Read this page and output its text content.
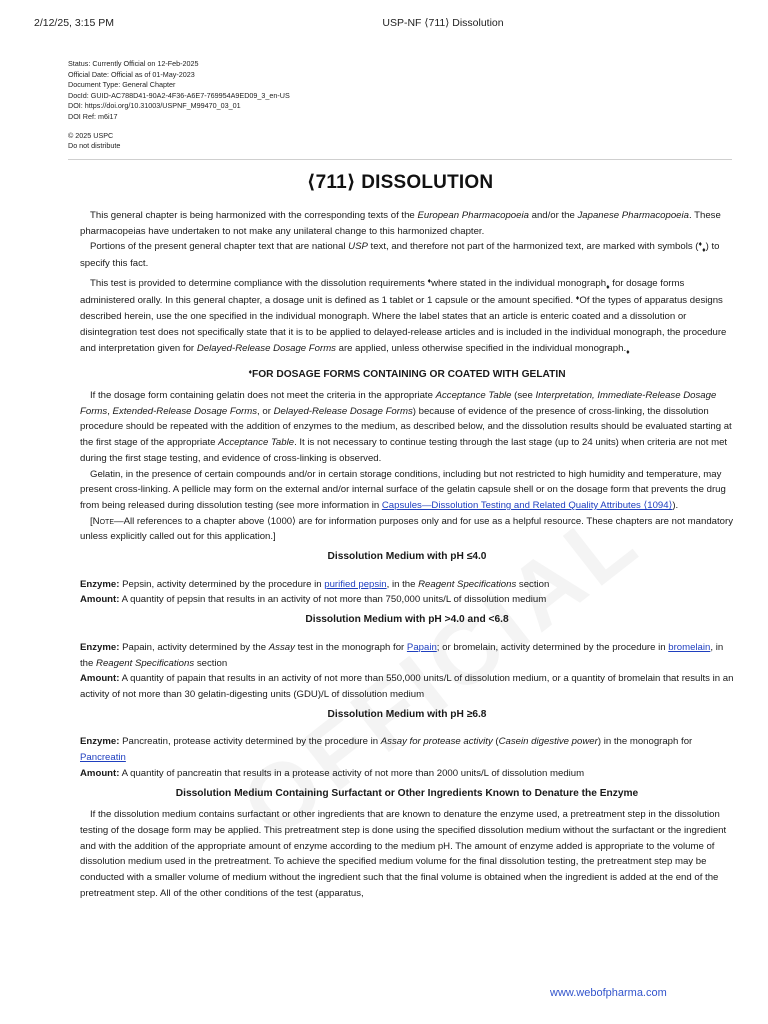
2/12/25, 3:15 PM	USP-NF ⟨711⟩ Dissolution
Status: Currently Official on 12-Feb-2025
Official Date: Official as of 01-May-2023
Document Type: General Chapter
DocId: GUID-AC788D41-90A2-4F36-A6E7-769954A9ED09_3_en-US
DOI: https://doi.org/10.31003/USPNF_M99470_03_01
DOI Ref: m6i17
© 2025 USPC
Do not distribute
⟨711⟩ DISSOLUTION

This general chapter is being harmonized with the corresponding texts of the European Pharmacopoeia and/or the Japanese Pharmacopoeia. These pharmacopeias have undertaken to not make any unilateral change to this harmonized chapter.

Portions of the present general chapter text that are national USP text, and therefore not part of the harmonized text, are marked with symbols $(^♦_♦)$ to specify this fact.

This test is provided to determine compliance with the dissolution requirements ♦where stated in the individual monograph$_♦$ for dosage forms administered orally. In this general chapter, a dosage unit is defined as 1 tablet or 1 capsule or the amount specified. ♦Of the types of apparatus designs described herein, use the one specified in the individual monograph. Where the label states that an article is enteric coated and a dissolution or disintegration test does not specifically state that it is to be applied to delayed-release articles and is included in the individual monograph, the procedure and interpretation given for Delayed-Release Dosage Forms are applied, unless otherwise specified in the individual $monograph._♦$

♦FOR DOSAGE FORMS CONTAINING OR COATED WITH GELATIN

If the dosage form containing gelatin does not meet the criteria in the appropriate Acceptance Table (see Interpretation, Immediate-Release Dosage Forms, Extended-Release Dosage Forms, or Delayed-Release Dosage Forms) because of evidence of the presence of cross-linking, the dissolution procedure should be repeated with the addition of enzymes to the medium, as described below, and the dissolution results should be evaluated starting at the first stage of the appropriate Acceptance Table. It is not necessary to continue testing through the last stage (up to 24 units) when criteria are not met during the first stage testing, and evidence of cross-linking is observed.

Gelatin, in the presence of certain compounds and/or in certain storage conditions, including but not restricted to high humidity and temperature, may present cross-linking. A pellicle may form on the external and/or internal surface of the gelatin capsule shell or on the dosage form that prevents the drug from being released during dissolution testing (see more information in Capsules—Dissolution Testing and Related Quality Attributes ⟨1094⟩).

[Note—All references to a chapter above ⟨1000⟩ are for information purposes only and for use as a helpful resource. These chapters are not mandatory unless explicitly called out for this application.]

Dissolution Medium with pH ≤4.0

Enzyme: Pepsin, activity determined by the procedure in purified pepsin, in the Reagent Specifications section

Amount: A quantity of pepsin that results in an activity of not more than 750,000 units/L of dissolution medium

Dissolution Medium with pH >4.0 and <6.8

Enzyme: Papain, activity determined by the Assay test in the monograph for Papain; or bromelain, activity determined by the procedure in bromelain, in the Reagent Specifications section

Amount: A quantity of papain that results in an activity of not more than 550,000 units/L of dissolution medium, or a quantity of bromelain that results in an activity of not more than 30 gelatin-digesting units (GDU)/L of dissolution medium

Dissolution Medium with pH ≥6.8

Enzyme: Pancreatin, protease activity determined by the procedure in Assay for protease activity (Casein digestive power) in the monograph for Pancreatin

Amount: A quantity of pancreatin that results in a protease activity of not more than 2000 units/L of dissolution medium

Dissolution Medium Containing Surfactant or Other Ingredients Known to Denature the Enzyme

If the dissolution medium contains surfactant or other ingredients that are known to denature the enzyme used, a pretreatment step in the dissolution testing of the dosage form may be applied. This pretreatment step is done using the specified dissolution medium without the surfactant or the ingredient and with the addition of the appropriate amount of enzyme according to the medium pH. The amount of enzyme added is appropriate to the volume of dissolution medium used in the pretreatment. To achieve the specified medium volume for the final dissolution testing, the pretreatment step may be conducted with a smaller volume of medium without the ingredient such that the final volume is obtained when the ingredient is added at the end of the pretreatment step. All of the other conditions of the test (apparatus,

www.webofpharma.com
